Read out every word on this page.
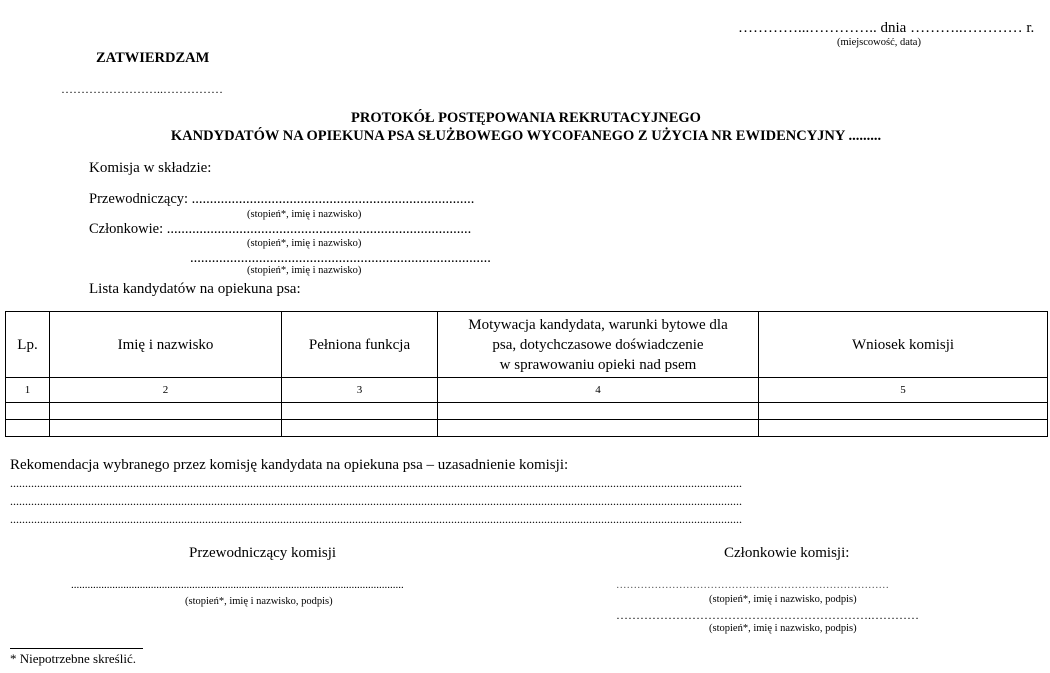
…………...………….. dnia ………..………… r.
(miejscowość, data)
ZATWIERDZAM
……………………..……………
PROTOKÓŁ POSTĘPOWANIA REKRUTACYJNEGO
KANDYDATÓW NA OPIEKUNA PSA SŁUŻBOWEGO WYCOFANEGO Z UŻYCIA NR EWIDENCYJNY .........
Komisja w składzie:
Przewodniczący: ..............................................................................
(stopień*, imię i nazwisko)
Członkowie: ....................................................................................
(stopień*, imię i nazwisko)
...................................................................................
(stopień*, imię i nazwisko)
Lista kandydatów na opiekuna psa:
Lp.	Imię i nazwisko	Pełniona funkcja	Motywacja kandydata, warunki bytowe dla
psa, dotychczasowe doświadczenie
w sprawowaniu opieki nad psem	Wniosek komisji
1	2	3	4	5

Rekomendacja wybranego przez komisję kandydata na opiekuna psa – uzasadnienie komisji:
....................................................................................................................................................................................................................................................
....................................................................................................................................................................................................................................................
....................................................................................................................................................................................................................................................
Przewodniczący komisji
.........................................................................................................................
(stopień*, imię i nazwisko, podpis)
Członkowie komisji:
……………………………………………………………………
(stopień*, imię i nazwisko, podpis)
……………………………………………………….…………
(stopień*, imię i nazwisko, podpis)
* Niepotrzebne skreślić.
